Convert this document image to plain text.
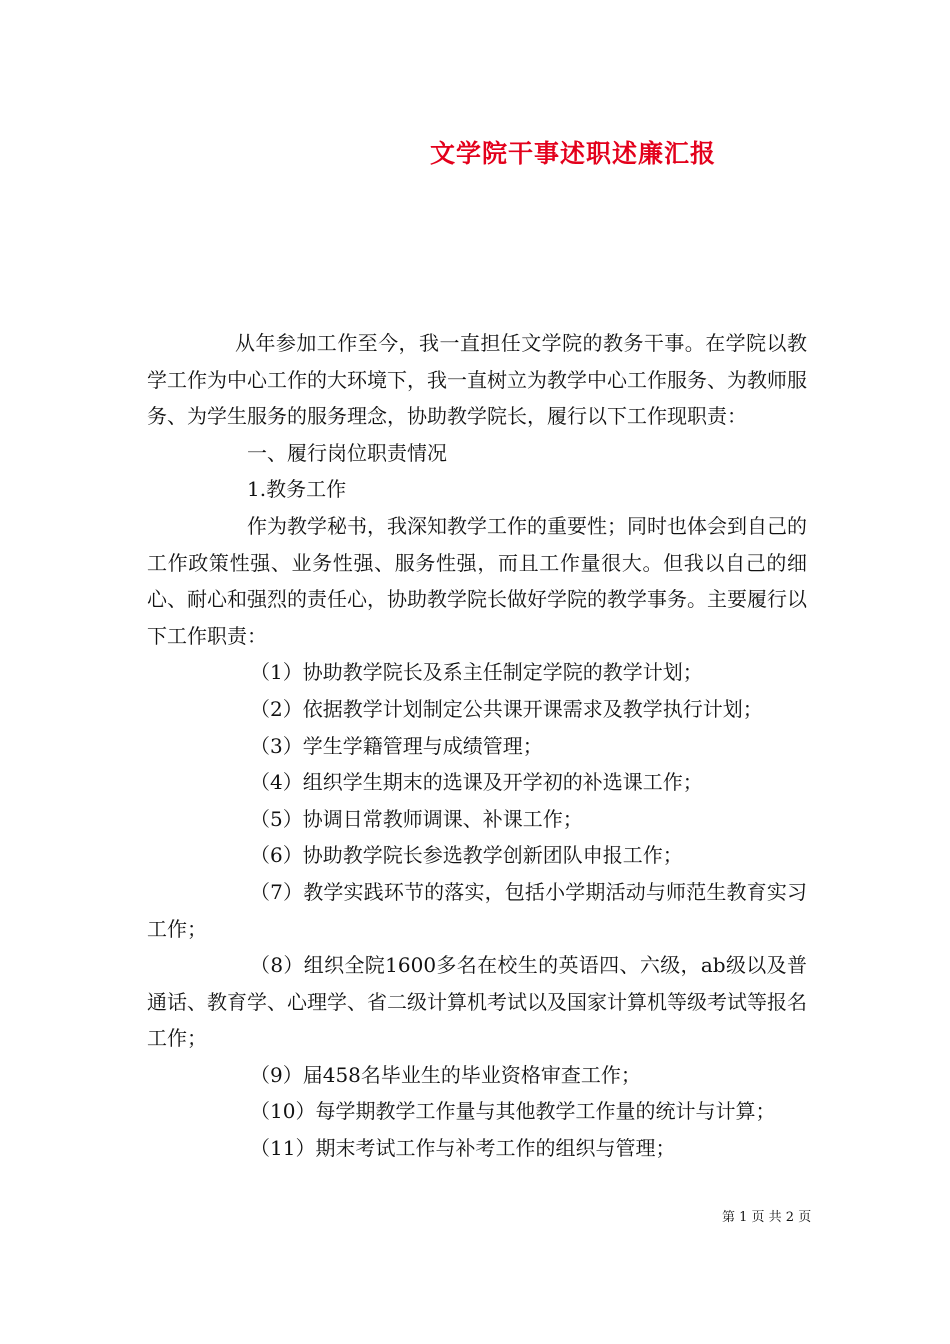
文学院干事述职述廉汇报

从年参加工作至今，我一直担任文学院的教务干事。在学院以教学工作为中心工作的大环境下，我一直树立为教学中心工作服务、为教师服务、为学生服务的服务理念，协助教学院长，履行以下工作现职责：

一、履行岗位职责情况

1.教务工作

作为教学秘书，我深知教学工作的重要性；同时也体会到自己的工作政策性强、业务性强、服务性强，而且工作量很大。但我以自己的细心、耐心和强烈的责任心，协助教学院长做好学院的教学事务。主要履行以下工作职责：

（1）协助教学院长及系主任制定学院的教学计划；

（2）依据教学计划制定公共课开课需求及教学执行计划；

（3）学生学籍管理与成绩管理；

（4）组织学生期末的选课及开学初的补选课工作；

（5）协调日常教师调课、补课工作；

（6）协助教学院长参选教学创新团队申报工作；

（7）教学实践环节的落实，包括小学期活动与师范生教育实习工作；

（8）组织全院1600多名在校生的英语四、六级，ab级以及普通话、教育学、心理学、省二级计算机考试以及国家计算机等级考试等报名工作；

（9）届458名毕业生的毕业资格审查工作；

（10）每学期教学工作量与其他教学工作量的统计与计算；

（11）期末考试工作与补考工作的组织与管理；

第 1 页 共 2 页
